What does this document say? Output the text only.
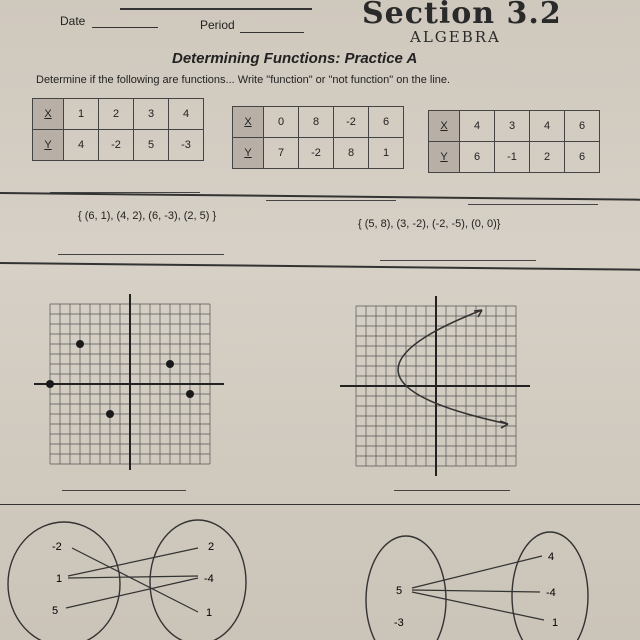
Date	Period	Section 3.2
ALGEBRA
Determining Functions: Practice A
Determine if the following are functions... Write "function" or "not function" on the line.
X	1	2	3	4
Y	4	-2	5	-3
X	0	8	-2	6
Y	7	-2	8	1
X	4	3	4	6
Y	6	-1	2	6
{ (6, 1), (4, 2), (6, -3), (2, 5) }
{ (5, 8), (3, -2), (-2, -5), (0, 0)}
-2
1
5
2
-4
1
5
-3
4
-4
1
